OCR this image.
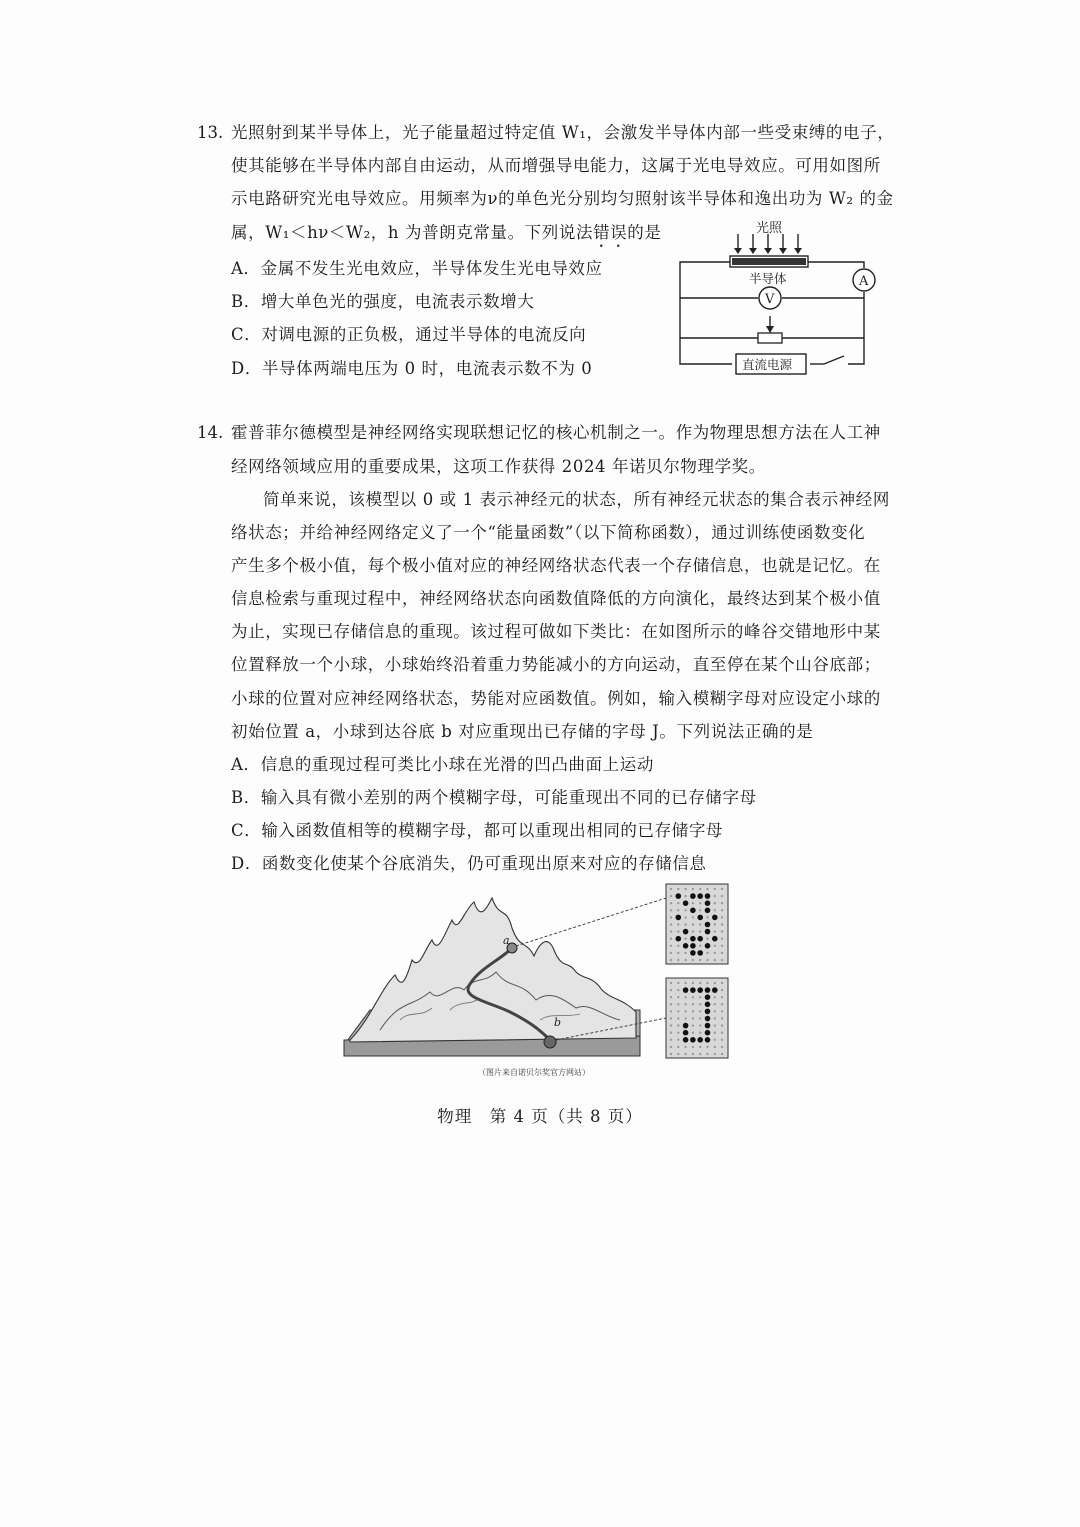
13. 光照射到某半导体上，光子能量超过特定值 W₁，会激发半导体内部一些受束缚的电子，
使其能够在半导体内部自由运动，从而增强导电能力，这属于光电导效应。可用如图所
示电路研究光电导效应。用频率为ν的单色光分别均匀照射该半导体和逸出功为 W₂ 的金
属，W₁＜hν＜W₂，h 为普朗克常量。下列说法错误的是
A．金属不发生光电效应，半导体发生光电导效应
B．增大单色光的强度，电流表示数增大
C．对调电源的正负极，通过半导体的电流反向
D．半导体两端电压为 0 时，电流表示数不为 0
光照
半导体	A
V
直流电源
14. 霍普菲尔德模型是神经网络实现联想记忆的核心机制之一。作为物理思想方法在人工神
经网络领域应用的重要成果，这项工作获得 2024 年诺贝尔物理学奖。
简单来说，该模型以 0 或 1 表示神经元的状态，所有神经元状态的集合表示神经网
络状态；并给神经网络定义了一个“能量函数”（以下简称函数），通过训练使函数变化
产生多个极小值，每个极小值对应的神经网络状态代表一个存储信息，也就是记忆。在
信息检索与重现过程中，神经网络状态向函数值降低的方向演化，最终达到某个极小值
为止，实现已存储信息的重现。该过程可做如下类比：在如图所示的峰谷交错地形中某
位置释放一个小球，小球始终沿着重力势能减小的方向运动，直至停在某个山谷底部；
小球的位置对应神经网络状态，势能对应函数值。例如，输入模糊字母对应设定小球的
初始位置 a，小球到达谷底 b 对应重现出已存储的字母 J。下列说法正确的是
A．信息的重现过程可类比小球在光滑的凹凸曲面上运动
B．输入具有微小差别的两个模糊字母，可能重现出不同的已存储字母
C．输入函数值相等的模糊字母，都可以重现出相同的已存储字母
D．函数变化使某个谷底消失，仍可重现出原来对应的存储信息
a
b
（图片来自诺贝尔奖官方网站）
物理　第 4 页（共 8 页）
